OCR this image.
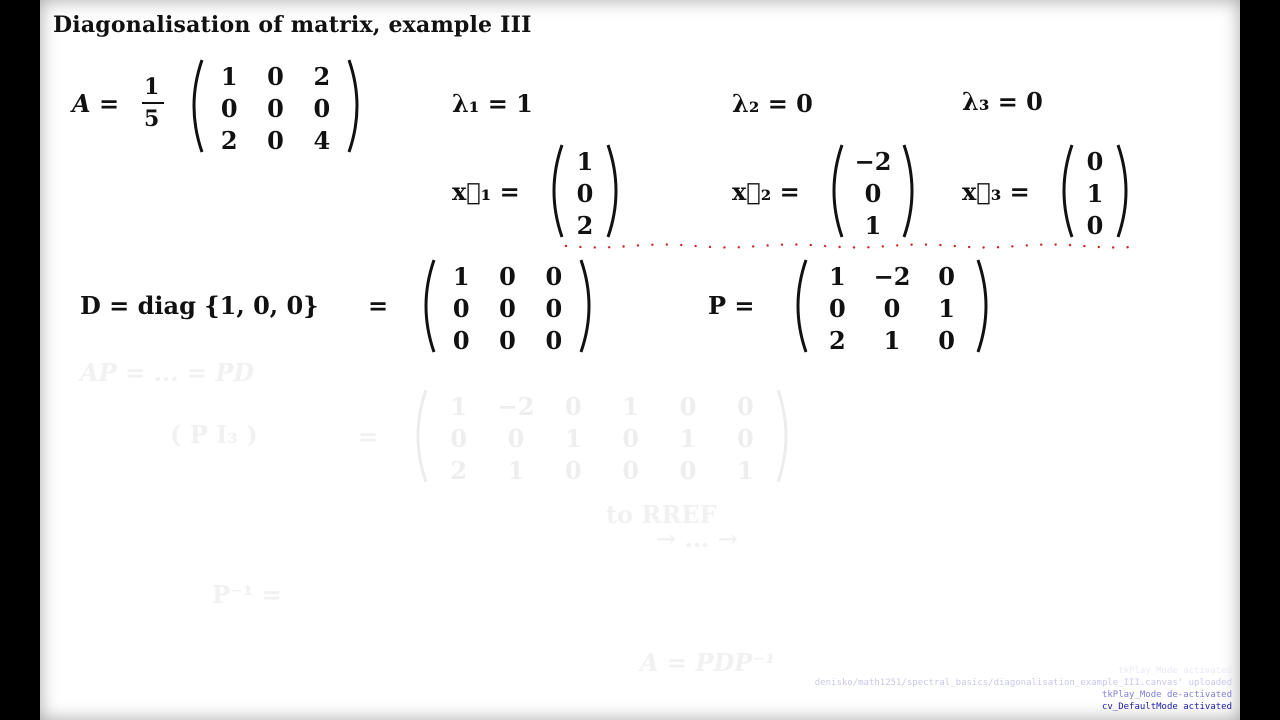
Diagonalisation of matrix, example III
A =
1
5
1	0	2
0	0	0
2	0	4
λ₁ = 1	λ₂ = 0	λ₃ = 0
x⃗₁ =
1
0
2
x⃗₂ =
−2
0
1
x⃗₃ =
0
1
0
D = diag {1, 0, 0} =
1	0	0
0	0	0
0	0	0
P =
1	−2	0
0	0	1
2	1	0
AP = ... = PD
( P I₃ )	=
1	−2	0	1	0	0
0	0	1	0	1	0
2	1	0	0	0	1
to RREF
→ ... →
P⁻¹ =
A = PDP⁻¹	tkPlay_Mode activated
denisko/math1251/spectral_basics/diagonalisation_example_III.canvas' uploaded
tkPlay_Mode de-activated
cv_DefaultMode activated
